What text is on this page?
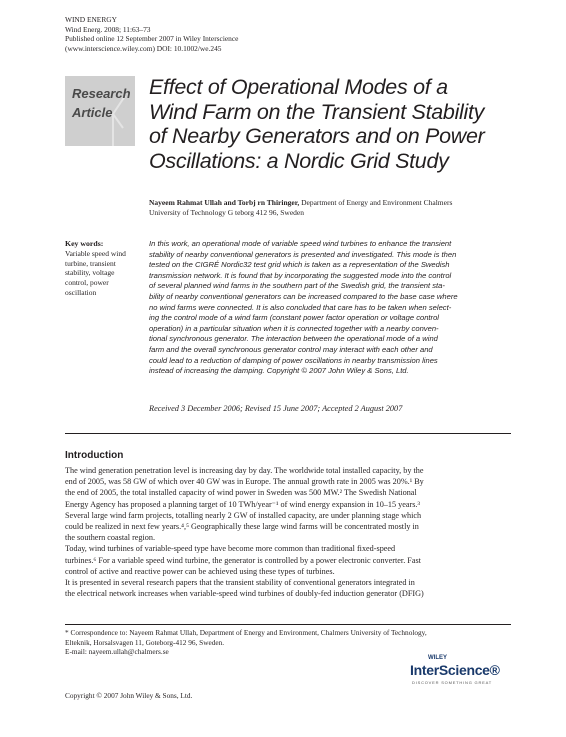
WIND ENERGY
Wind Energ. 2008; 11:63–73
Published online 12 September 2007 in Wiley Interscience
(www.interscience.wiley.com) DOI: 10.1002/we.245
Research
Article
Effect of Operational Modes of a
Wind Farm on the Transient Stability
of Nearby Generators and on Power
Oscillations: a Nordic Grid Study
Nayeem Rahmat Ullah and Torbj rn Thiringer, Department of Energy and Environment Chalmers
University of Technology G teborg 412 96, Sweden
Key words:
Variable speed wind
turbine, transient
stability, voltage
control, power
oscillation
In this work, an operational mode of variable speed wind turbines to enhance the transient
stability of nearby conventional generators is presented and investigated. This mode is then
tested on the CIGRÉ Nordic32 test grid which is taken as a representation of the Swedish
transmission network. It is found that by incorporating the suggested mode into the control
of several planned wind farms in the southern part of the Swedish grid, the transient sta-
bility of nearby conventional generators can be increased compared to the base case where
no wind farms were connected. It is also concluded that care has to be taken when select-
ing the control mode of a wind farm (constant power factor operation or voltage control
operation) in a particular situation when it is connected together with a nearby conven-
tional synchronous generator. The interaction between the operational mode of a wind
farm and the overall synchronous generator control may interact with each other and
could lead to a reduction of damping of power oscillations in nearby transmission lines
instead of increasing the damping. Copyright © 2007 John Wiley & Sons, Ltd.
Received 3 December 2006; Revised 15 June 2007; Accepted 2 August 2007
Introduction
The wind generation penetration level is increasing day by day. The worldwide total installed capacity, by the
end of 2005, was 58 GW of which over 40 GW was in Europe. The annual growth rate in 2005 was 20%.¹ By
the end of 2005, the total installed capacity of wind power in Sweden was 500 MW.² The Swedish National
Energy Agency has proposed a planning target of 10 TWh/year⁻¹ of wind energy expansion in 10–15 years.³
Several large wind farm projects, totalling nearly 2 GW of installed capacity, are under planning stage which
could be realized in next few years.⁴,⁵ Geographically these large wind farms will be concentrated mostly in
the southern coastal region.
Today, wind turbines of variable-speed type have become more common than traditional fixed-speed
turbines.⁶ For a variable speed wind turbine, the generator is controlled by a power electronic converter. Fast
control of active and reactive power can be achieved using these types of turbines.
It is presented in several research papers that the transient stability of conventional generators integrated in
the electrical network increases when variable-speed wind turbines of doubly-fed induction generator (DFIG)
* Correspondence to: Nayeem Rahmat Ullah, Department of Energy and Environment, Chalmers University of Technology,
Elteknik, Horsalsvagen 11, Goteborg-412 96, Sweden.
E-mail: nayeem.ullah@chalmers.se
WILEY
InterScience®
DISCOVER SOMETHING GREAT
Copyright © 2007 John Wiley & Sons, Ltd.
